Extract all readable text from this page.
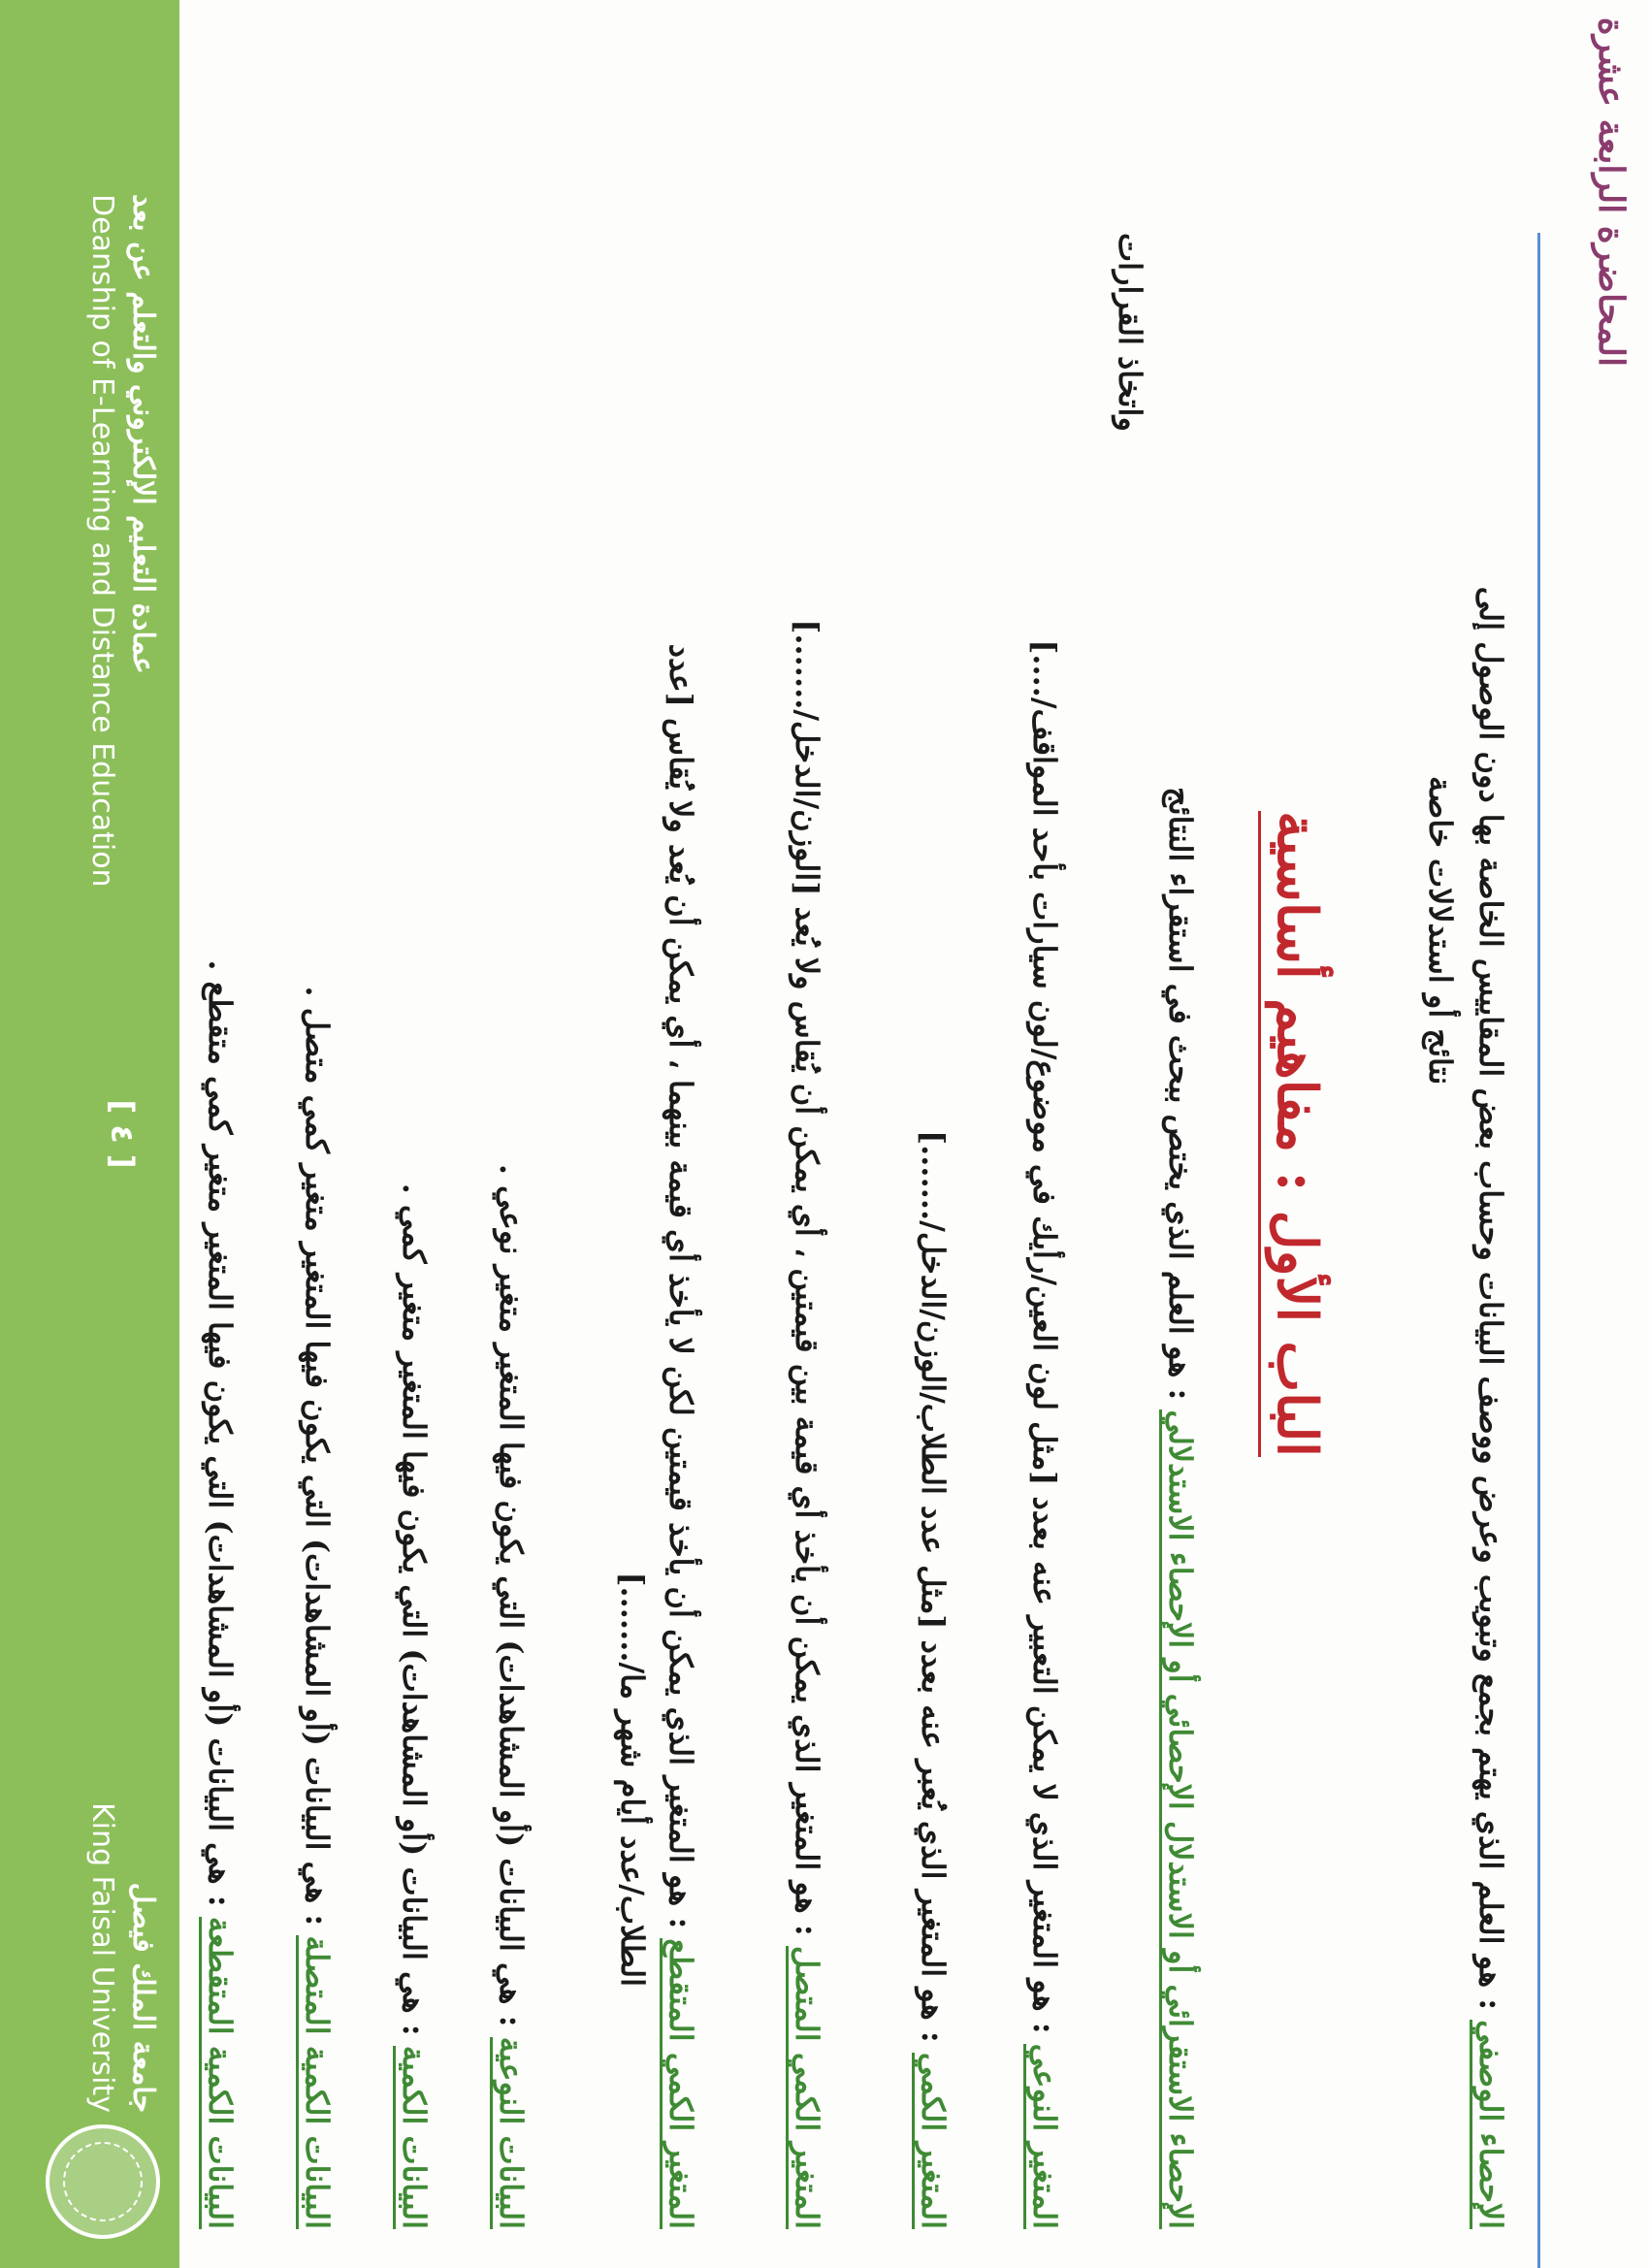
المحاضرة الرابعة عشرة
الباب الأول : مفاهيم أساسية
الإحصاء الوصفي : هو العلم الذي يهتم بجمع وتبويب وعرض ووصف البيانات وحساب بعض المقاييس الخاصة بها دون الوصول إلى
نتائج أو استدلالات خاصة
الإحصاء الاستقرائي أو الاستدلال الإحصائي أو الإحصاء الاستدلالي : هو العلم الذي يختص ببحث في استقراء النتائج
واتخاذ القرارات
المتغير النوعي : هو المتغير الذي لا يمكن التعبير عنه بعدد [مثل لون العين/رأيك في موضوع/لون سيارات بأحد المواقف/....]
المتغير الكمي : هو المتغير الذي يُعبر عنه بعدد [مثل عدد الطلاب/الوزن/الدخل/.......]
المتغير الكمي المتصل : هو المتغير الذي يمكن أن يأخذ أي قيمة بين قيمتين ، أي يمكن أن يُقاس ولا يُعد [الوزن/الدخل/.......]
المتغير الكمي المتقطع : هو المتغير الذي يمكن أن يأخذ قيمتين لكن لا يأخذ أي قيمة بينهما ، أي يمكن أن يُعد ولا يُقاس [عدد
الطلاب/عدد أيام شهر ما/.......]
البيانات النوعية : هي البيانات (أو المشاهدات) التي يكون فيها المتغير متغير نوعي .
البيانات الكمية : هي البيانات (أو المشاهدات) التي يكون فيها المتغير متغير كمي .
البيانات الكمية المتصلة : هي البيانات (أو المشاهدات) التي يكون فيها المتغير متغير كمي متصل .
البيانات الكمية المتقطعة : هي البيانات (أو المشاهدات) التي يكون فيها المتغير متغير كمي متقطع .
جامعة الملك فيصل
King Faisal University
[ ٤ ]
عمادة التعليم الإلكتروني والتعلم عن بعد
Deanship of E-Learning and Distance Education
